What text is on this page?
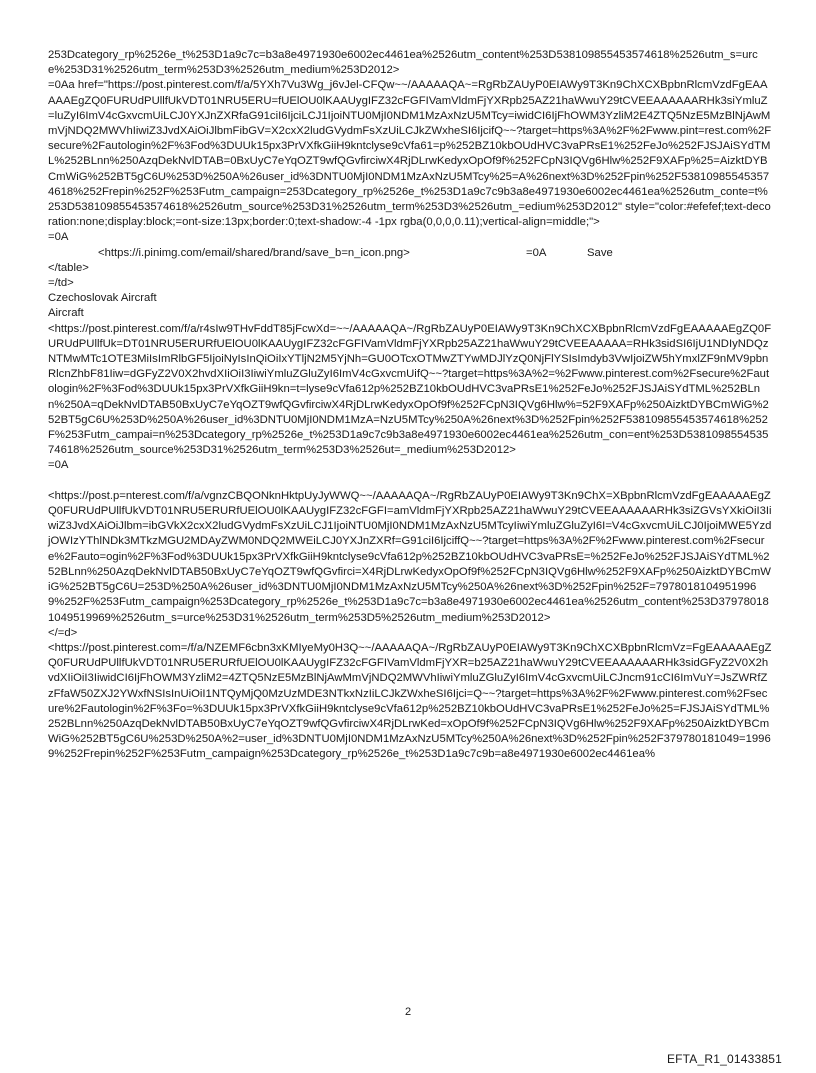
253Dcategory_rp%2526e_t%253D1a9c7c=b3a8e4971930e6002ec4461ea%2526utm_content%253D538109855453574618%2526utm_s=urce%253D31%2526utm_term%253D3%2526utm_medium%253D2012>
=0Aa href="https://post.pinterest.com/f/a/5YXh7Vu3Wg_j6vJel-CFQw~~/AAAAAQA~=RgRbZAUyP0EIAWy9T3Kn9ChXCXBpbnRlcmVzdFgEAAAAAEgZQ0FURUdPUllfUkVDT01NRU5ERU=fUElOU0lKAAUygIFZ32cFGFIVamVldmFjYXRpb25AZ21haWwuY29tCVEEAAAAAARHk3siYmluZ=luZyI6ImV4cGxvcmUiLCJ0YXJnZXRfaG91ciI6IjciLCJ1IjoiNTU0MjI0NDM1MzAxNzU5MTcy=iwidCI6IjFhOWM3YzliM2E4ZTQ5NzE5MzBlNjAwMmVjNDQ2MWVhIiwiZ3JvdXAiOiJlbmFibGV=X2cxX2ludGVydmFsXzUiLCJkZWxheSI6IjcifQ~~?target=https%3A%2F%2Fwww.pint=rest.com%2Fsecure%2Fautologin%2F%3Fod%3DUUk15px3PrVXfkGiiH9kntclyse9cVfa61=p%252BZ10kbOUdHVC3vaPRsE1%252FeJo%252FJSJAiSYdTML%252BLnn%250AzqDekNvlDTAB=0BxUyC7eYqOZT9wfQGvfirciwX4RjDLrwKedyxOpOf9f%252FCpN3IQVg6Hlw%252F9XAFp%25=AizktDYBCmWiG%252BT5gC6U%253D%250A%26user_id%3DNTU0MjI0NDM1MzAxNzU5MTcy%25=A%26next%3D%252Fpin%252F538109855453574618%252Frepin%252F%253Futm_campaign=253Dcategory_rp%2526e_t%253D1a9c7c9b3a8e4971930e6002ec4461ea%2526utm_conte=t%253D538109855453574618%2526utm_source%253D31%2526utm_term%253D3%2526utm_=edium%253D2012" style="color:#efefef;text-decoration:none;display:block;=ont-size:13px;border:0;text-shadow:-4 -1px rgba(0,0,0,0.11);vertical-align=middle;">
=0A

<https://i.pinimg.com/email/shared/brand/save_b=n_icon.png>	=0A	Save

</table>
=/td>
Czechoslovak Aircraft
Aircraft
<https://post.pinterest.com/f/a/r4sIw9THvFddT85jFcwXd=~~/AAAAAQA~/RgRbZAUyP0EIAWy9T3Kn9ChXCXBpbnRlcmVzdFgEAAAAAEgZQ0FURUdPUllfUk=DT01NRU5ERURfUElOU0lKAAUygIFZ32cFGFIVamVldmFjYXRpb25AZ21haWwuY29tCVEEAAAAA=RHk3sidSI6IjU1NDIyNDQzNTMwMTc1OTE3MiIsImRlbGF5IjoiNyIsInQiOiIxYTljN2M5YjNh=GU0OTcxOTMwZTYwMDJlYzQ0NjFlYSIsImdyb3VwIjoiZW5hYmxlZF9nMV9pbnRlcnZhbF81Iiw=dGFyZ2V0X2hvdXIiOiI3IiwiYmluZGluZyI6ImV4cGxvcmUifQ~~?target=https%3A%2=%2Fwww.pinterest.com%2Fsecure%2Fautologin%2F%3Fod%3DUUk15px3PrVXfkGiiH9kn=t=lyse9cVfa612p%252BZ10kbOUdHVC3vaPRsE1%252FeJo%252FJSJAiSYdTML%252BLnn%250A=qDekNvlDTAB50BxUyC7eYqOZT9wfQGvfirciwX4RjDLrwKedyxOpOf9f%252FCpN3IQVg6Hlw%=52F9XAFp%250AizktDYBCmWiG%252BT5gC6U%253D%250A%26user_id%3DNTU0MjI0NDM1MzA=NzU5MTcy%250A%26next%3D%252Fpin%252F538109855453574618%252F%253Futm_campai=n%253Dcategory_rp%2526e_t%253D1a9c7c9b3a8e4971930e6002ec4461ea%2526utm_con=ent%253D538109855453574618%2526utm_source%253D31%2526utm_term%253D3%2526ut=_medium%253D2012>
=0A

<https://post.p=nterest.com/f/a/vgnzCBQONknHktpUyJyWWQ~~/AAAAAQA~/RgRbZAUyP0EIAWy9T3Kn9ChX=XBpbnRlcmVzdFgEAAAAAEgZQ0FURUdPUllfUkVDT01NRU5ERURfUElOU0lKAAUygIFZ32cFGFI=amVldmFjYXRpb25AZ21haWwuY29tCVEEAAAAAARHk3siZGVsYXkiOiI3IiwiZ3JvdXAiOiJlbm=ibGVkX2cxX2ludGVydmFsXzUiLCJ1IjoiNTU0MjI0NDM1MzAxNzU5MTcyIiwiYmluZGluZyI6I=V4cGxvcmUiLCJ0IjoiMWE5YzdjOWIzYThlNDk3MTkzMGU2MDAyZWM0NDQ2MWEiLCJ0YXJnZXRf=G91ciI6IjciffQ~~?target=https%3A%2F%2Fwww.pinterest.com%2Fsecure%2Fauto=ogin%2F%3Fod%3DUUk15px3PrVXfkGiiH9kntclyse9cVfa612p%252BZ10kbOUdHVC3vaPRsE=%252FeJo%252FJSJAiSYdTML%252BLnn%250AzqDekNvlDTAB50BxUyC7eYqOZT9wfQGvfirci=X4RjDLrwKedyxOpOf9f%252FCpN3IQVg6Hlw%252F9XAFp%250AizktDYBCmWiG%252BT5gC6U=253D%250A%26user_id%3DNTU0MjI0NDM1MzAxNzU5MTcy%250A%26next%3D%252Fpin%252F=7978018104951996 9%252F%253Futm_campaign%253Dcategory_rp%2526e_t%253D1a9c7c=b3a8e4971930e6002ec4461ea%2526utm_content%253D379780181049519969%2526utm_s=urce%253D31%2526utm_term%253D5%2526utm_medium%253D2012>
</=d>
<https://post.pinterest.com=/f/a/NZEMF6cbn3xKMIyeMy0H3Q~~/AAAAAQA~/RgRbZAUyP0EIAWy9T3Kn9ChXCXBpbnRlcmVz=FgEAAAAAEgZQ0FURUdPUllfUkVDT01NRU5ERURfUElOU0lKAAUygIFZ32cFGFIVamVldmFjYXR=b25AZ21haWwuY29tCVEEAAAAAARHk3sidGFyZ2V0X2hvdXIiOiI3IiwidCI6IjFhOWM3YzliM2=4ZTQ5NzE5MzBlNjAwMmVjNDQ2MWVhIiwiYmluZGluZyI6ImV4cGxvcmUiLCJncm91cCI6ImVuY=JsZWRfZzFfaW50ZXJ2YWxfNSIsInUiOiI1NTQyMjQ0MzUzMDE3NTkxNzIiLCJkZWxheSI6Ijci=Q~~?target=https%3A%2F%2Fwww.pinterest.com%2Fsecure%2Fautologin%2F%3Fo=%3DUUk15px3PrVXfkGiiH9kntclyse9cVfa612p%252BZ10kbOUdHVC3vaPRsE1%252FeJo%25=FJSJAiSYdTML%252BLnn%250AzqDekNvlDTAB50BxUyC7eYqOZT9wfQGvfirciwX4RjDLrwKed=xOpOf9f%252FCpN3IQVg6Hlw%252F9XAFp%250AizktDYBCmWiG%252BT5gC6U%253D%250A%2=user_id%3DNTU0MjI0NDM1MzAxNzU5MTcy%250A%26next%3D%252Fpin%252F379780181049=19969%252Frepin%252F%253Futm_campaign%253Dcategory_rp%2526e_t%253D1a9c7c9b=a8e4971930e6002ec4461ea%

2
EFTA_R1_01433851
